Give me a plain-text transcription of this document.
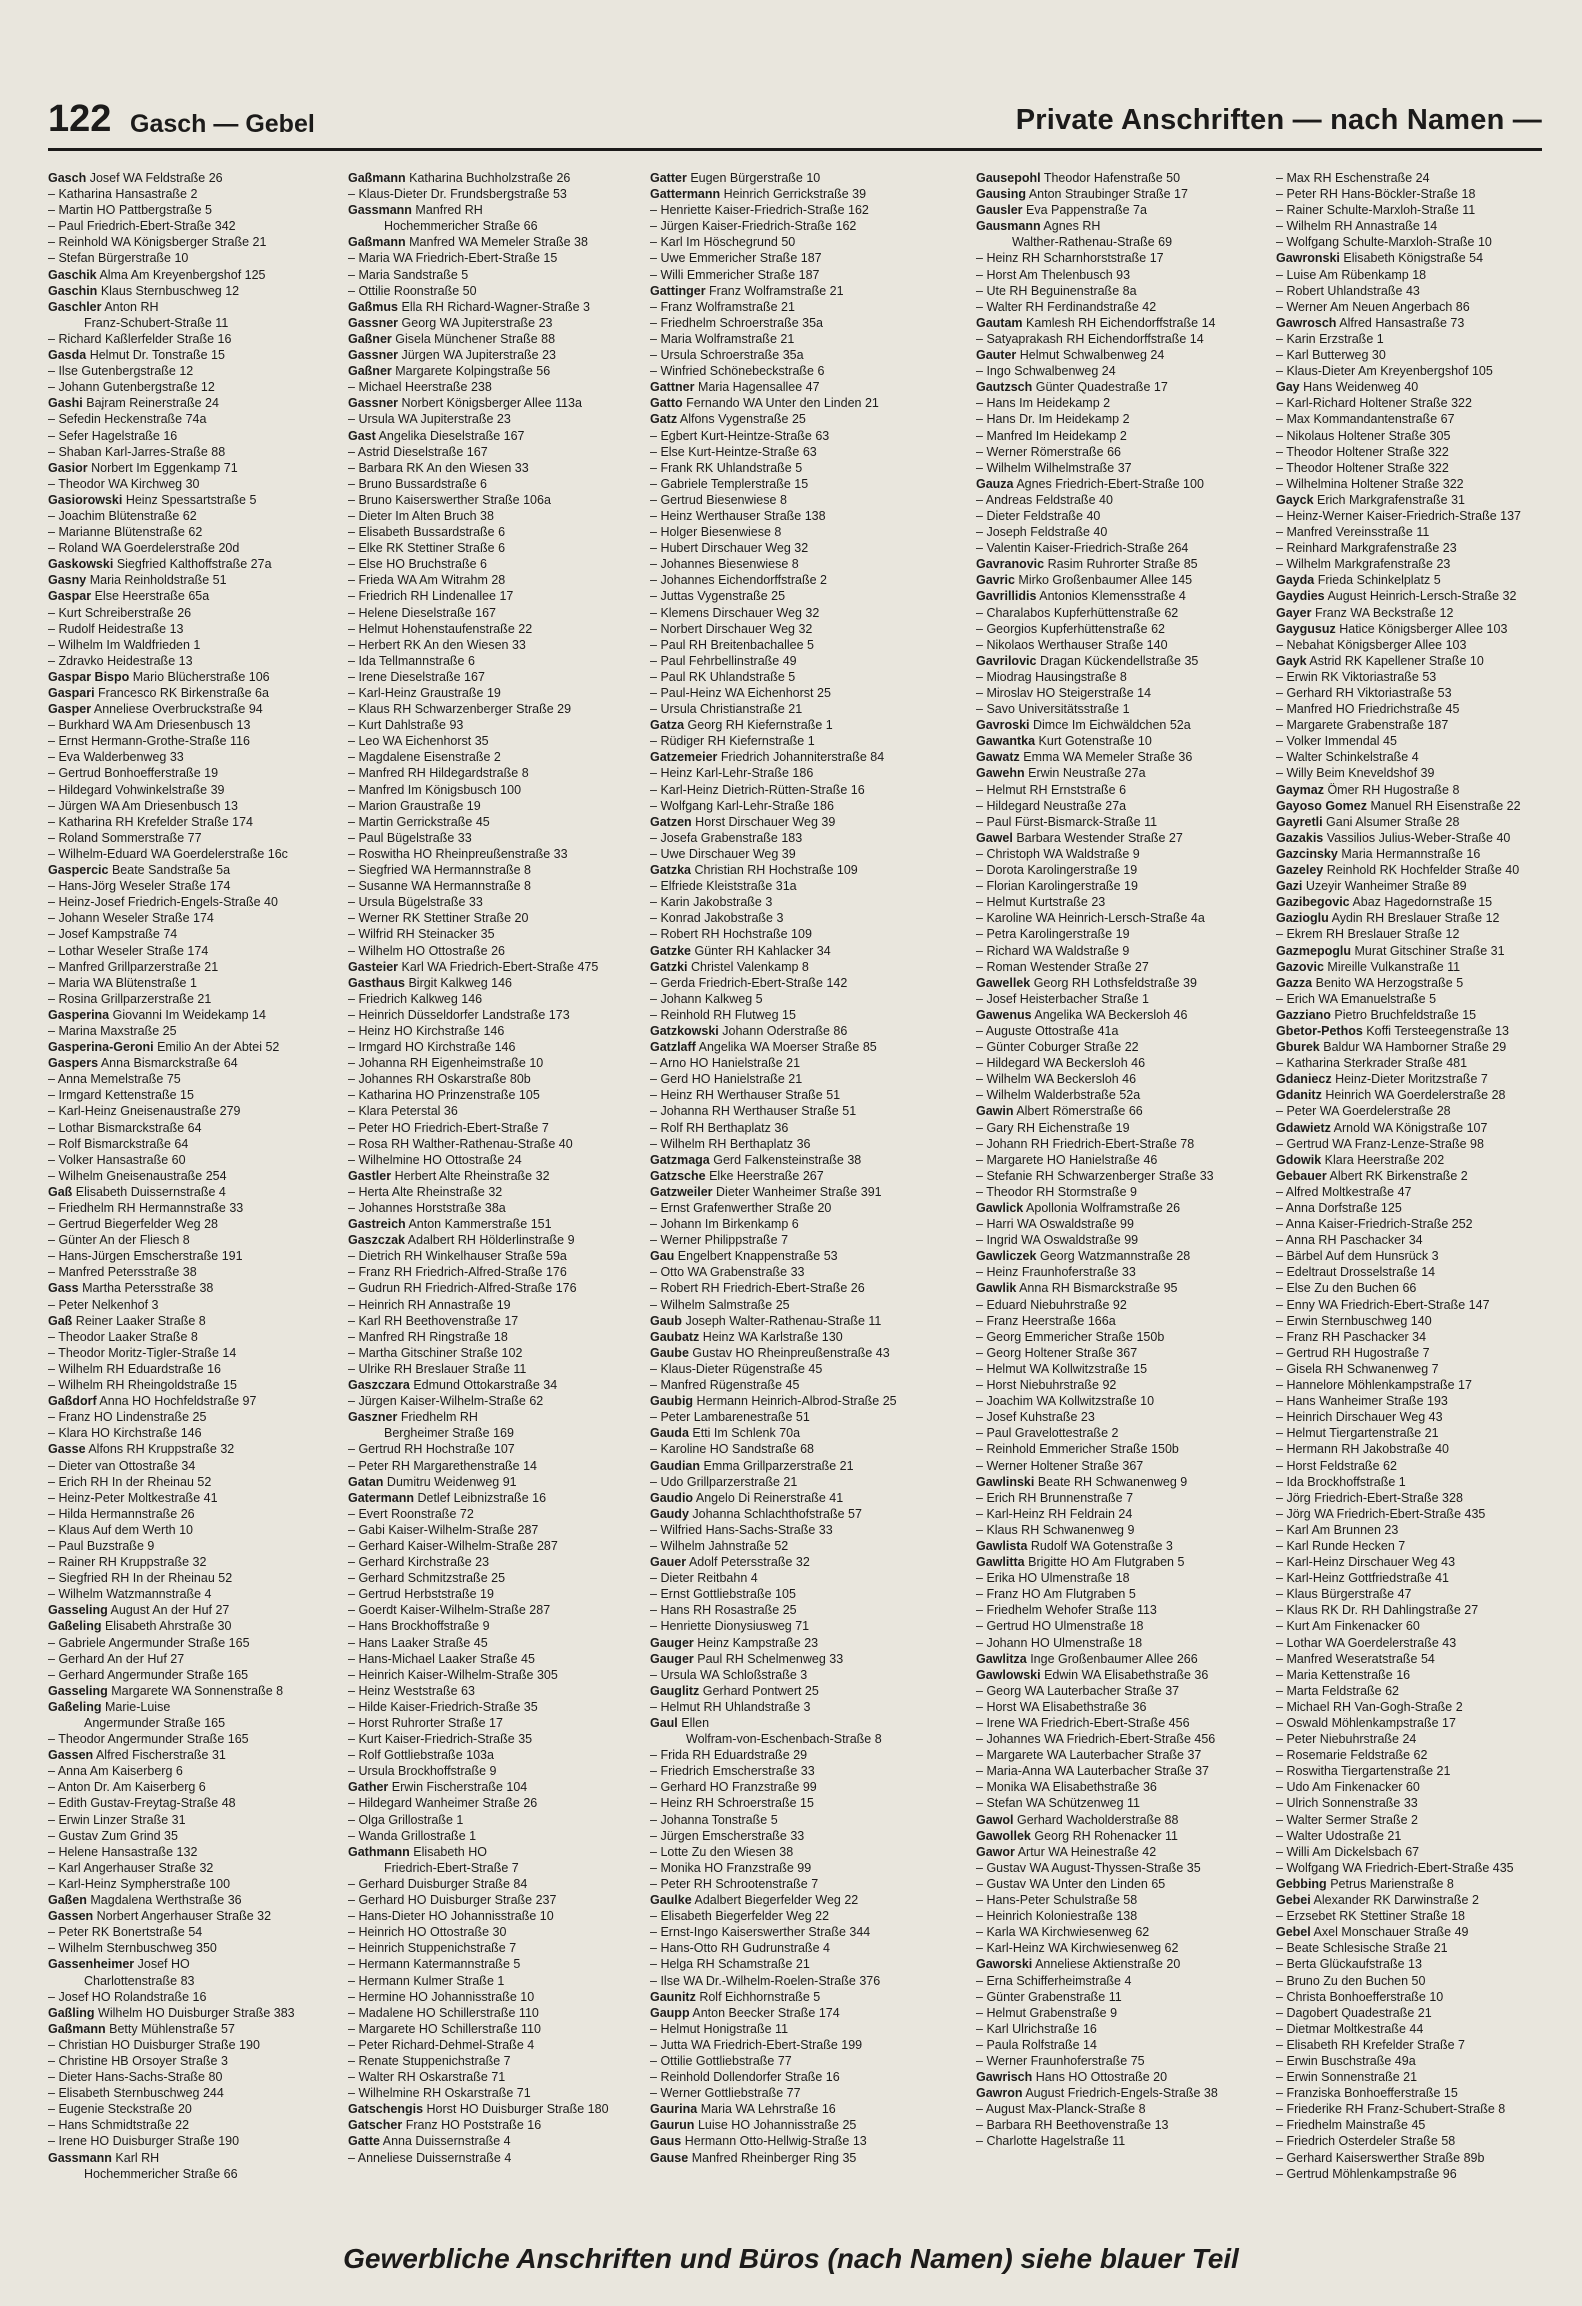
122 Gasch — Gebel	Private Anschriften — nach Namen —
Gasch Josef WA Feldstraße 26
– Katharina Hansastraße 2
– Martin HO Pattbergstraße 5
– Paul Friedrich-Ebert-Straße 342
– Reinhold WA Königsberger Straße 21
– Stefan Bürgerstraße 10
Gaschik Alma Am Kreyenbergshof 125
Gaschin Klaus Sternbuschweg 12
Gaschler Anton RH
Franz-Schubert-Straße 11
– Richard Kaßlerfelder Straße 16
Gasda Helmut Dr. Tonstraße 15
– Ilse Gutenbergstraße 12
– Johann Gutenbergstraße 12
Gashi Bajram Reinerstraße 24
– Sefedin Heckenstraße 74a
– Sefer Hagelstraße 16
– Shaban Karl-Jarres-Straße 88
Gasior Norbert Im Eggenkamp 71
– Theodor WA Kirchweg 30
Gasiorowski Heinz Spessartstraße 5
– Joachim Blütenstraße 62
– Marianne Blütenstraße 62
– Roland WA Goerdelerstraße 20d
Gaskowski Siegfried Kalthoffstraße 27a
Gasny Maria Reinholdstraße 51
Gaspar Else Heerstraße 65a
– Kurt Schreiberstraße 26
– Rudolf Heidestraße 13
– Wilhelm Im Waldfrieden 1
– Zdravko Heidestraße 13
Gaspar Bispo Mario Blücherstraße 106
Gaspari Francesco RK Birkenstraße 6a
Gasper Anneliese Overbruckstraße 94
– Burkhard WA Am Driesenbusch 13
– Ernst Hermann-Grothe-Straße 116
– Eva Walderbenweg 33
– Gertrud Bonhoefferstraße 19
– Hildegard Vohwinkelstraße 39
– Jürgen WA Am Driesenbusch 13
– Katharina RH Krefelder Straße 174
– Roland Sommerstraße 77
– Wilhelm-Eduard WA Goerdelerstraße 16c
Gaspercic Beate Sandstraße 5a
– Hans-Jörg Weseler Straße 174
– Heinz-Josef Friedrich-Engels-Straße 40
– Johann Weseler Straße 174
– Josef Kampstraße 74
– Lothar Weseler Straße 174
– Manfred Grillparzerstraße 21
– Maria WA Blütenstraße 1
– Rosina Grillparzerstraße 21
Gasperina Giovanni Im Weidekamp 14
– Marina Maxstraße 25
Gasperina-Geroni Emilio An der Abtei 52
Gaspers Anna Bismarckstraße 64
– Anna Memelstraße 75
– Irmgard Kettenstraße 15
– Karl-Heinz Gneisenaustraße 279
– Lothar Bismarckstraße 64
– Rolf Bismarckstraße 64
– Volker Hansastraße 60
– Wilhelm Gneisenaustraße 254
Gaß Elisabeth Duissernstraße 4
– Friedhelm RH Hermannstraße 33
– Gertrud Biegerfelder Weg 28
– Günter An der Fliesch 8
– Hans-Jürgen Emscherstraße 191
– Manfred Petersstraße 38
Gass Martha Petersstraße 38
– Peter Nelkenhof 3
Gaß Reiner Laaker Straße 8
– Theodor Laaker Straße 8
– Theodor Moritz-Tigler-Straße 14
– Wilhelm RH Eduardstraße 16
– Wilhelm RH Rheingoldstraße 15
Gaßdorf Anna HO Hochfeldstraße 97
– Franz HO Lindenstraße 25
– Klara HO Kirchstraße 146
Gasse Alfons RH Kruppstraße 32
– Dieter van Ottostraße 34
– Erich RH In der Rheinau 52
– Heinz-Peter Moltkestraße 41
– Hilda Hermannstraße 26
– Klaus Auf dem Werth 10
– Paul Buzstraße 9
– Rainer RH Kruppstraße 32
– Siegfried RH In der Rheinau 52
– Wilhelm Watzmannstraße 4
Gasseling August An der Huf 27
Gaßeling Elisabeth Ahrstraße 30
– Gabriele Angermunder Straße 165
– Gerhard An der Huf 27
– Gerhard Angermunder Straße 165
Gasseling Margarete WA Sonnenstraße 8
Gaßeling Marie-Luise
Angermunder Straße 165
– Theodor Angermunder Straße 165
Gassen Alfred Fischerstraße 31
– Anna Am Kaiserberg 6
– Anton Dr. Am Kaiserberg 6
– Edith Gustav-Freytag-Straße 48
– Erwin Linzer Straße 31
– Gustav Zum Grind 35
– Helene Hansastraße 132
– Karl Angerhauser Straße 32
– Karl-Heinz Sympherstraße 100
Gaßen Magdalena Werthstraße 36
Gassen Norbert Angerhauser Straße 32
– Peter RK Bonertstraße 54
– Wilhelm Sternbuschweg 350
Gassenheimer Josef HO
Charlottenstraße 83
– Josef HO Rolandstraße 16
Gaßling Wilhelm HO Duisburger Straße 383
Gaßmann Betty Mühlenstraße 57
– Christian HO Duisburger Straße 190
– Christine HB Orsoyer Straße 3
– Dieter Hans-Sachs-Straße 80
– Elisabeth Sternbuschweg 244
– Eugenie Steckstraße 20
– Hans Schmidtstraße 22
– Irene HO Duisburger Straße 190
Gassmann Karl RH
Hochemmericher Straße 66
Gaßmann Katharina Buchholzstraße 26
– Klaus-Dieter Dr. Frundsbergstraße 53
Gassmann Manfred RH
Hochemmericher Straße 66
Gaßmann Manfred WA Memeler Straße 38
– Maria WA Friedrich-Ebert-Straße 15
– Maria Sandstraße 5
– Ottilie Roonstraße 50
Gaßmus Ella RH Richard-Wagner-Straße 3
Gassner Georg WA Jupiterstraße 23
Gaßner Gisela Münchener Straße 88
Gassner Jürgen WA Jupiterstraße 23
Gaßner Margarete Kolpingstraße 56
– Michael Heerstraße 238
Gassner Norbert Königsberger Allee 113a
– Ursula WA Jupiterstraße 23
Gast Angelika Dieselstraße 167
– Astrid Dieselstraße 167
– Barbara RK An den Wiesen 33
– Bruno Bussardstraße 6
– Bruno Kaiserswerther Straße 106a
– Dieter Im Alten Bruch 38
– Elisabeth Bussardstraße 6
– Elke RK Stettiner Straße 6
– Else HO Bruchstraße 6
– Frieda WA Am Witrahm 28
– Friedrich RH Lindenallee 17
– Helene Dieselstraße 167
– Helmut Hohenstaufenstraße 22
– Herbert RK An den Wiesen 33
– Ida Tellmannstraße 6
– Irene Dieselstraße 167
– Karl-Heinz Graustraße 19
– Klaus RH Schwarzenberger Straße 29
– Kurt Dahlstraße 93
– Leo WA Eichenhorst 35
– Magdalene Eisenstraße 2
– Manfred RH Hildegardstraße 8
– Manfred Im Königsbusch 100
– Marion Graustraße 19
– Martin Gerrickstraße 45
– Paul Bügelstraße 33
– Roswitha HO Rheinpreußenstraße 33
– Siegfried WA Hermannstraße 8
– Susanne WA Hermannstraße 8
– Ursula Bügelstraße 33
– Werner RK Stettiner Straße 20
– Wilfrid RH Steinacker 35
– Wilhelm HO Ottostraße 26
Gasteier Karl WA Friedrich-Ebert-Straße 475
Gasthaus Birgit Kalkweg 146
– Friedrich Kalkweg 146
– Heinrich Düsseldorfer Landstraße 173
– Heinz HO Kirchstraße 146
– Irmgard HO Kirchstraße 146
– Johanna RH Eigenheimstraße 10
– Johannes RH Oskarstraße 80b
– Katharina HO Prinzenstraße 105
– Klara Peterstal 36
– Peter HO Friedrich-Ebert-Straße 7
– Rosa RH Walther-Rathenau-Straße 40
– Wilhelmine HO Ottostraße 24
Gastler Herbert Alte Rheinstraße 32
– Herta Alte Rheinstraße 32
– Johannes Horststraße 38a
Gastreich Anton Kammerstraße 151
Gaszczak Adalbert RH Hölderlinstraße 9
– Dietrich RH Winkelhauser Straße 59a
– Franz RH Friedrich-Alfred-Straße 176
– Gudrun RH Friedrich-Alfred-Straße 176
– Heinrich RH Annastraße 19
– Karl RH Beethovenstraße 17
– Manfred RH Ringstraße 18
– Martha Gitschiner Straße 102
– Ulrike RH Breslauer Straße 11
Gaszczara Edmund Ottokarstraße 34
– Jürgen Kaiser-Wilhelm-Straße 62
Gaszner Friedhelm RH
Bergheimer Straße 169
– Gertrud RH Hochstraße 107
– Peter RH Margarethenstraße 14
Gatan Dumitru Weidenweg 91
Gatermann Detlef Leibnizstraße 16
– Evert Roonstraße 72
– Gabi Kaiser-Wilhelm-Straße 287
– Gerhard Kaiser-Wilhelm-Straße 287
– Gerhard Kirchstraße 23
– Gerhard Schmitzstraße 25
– Gertrud Herbststraße 19
– Goerdt Kaiser-Wilhelm-Straße 287
– Hans Brockhoffstraße 9
– Hans Laaker Straße 45
– Hans-Michael Laaker Straße 45
– Heinrich Kaiser-Wilhelm-Straße 305
– Heinz Weststraße 63
– Hilde Kaiser-Friedrich-Straße 35
– Horst Ruhrorter Straße 17
– Kurt Kaiser-Friedrich-Straße 35
– Rolf Gottliebstraße 103a
– Ursula Brockhoffstraße 9
Gather Erwin Fischerstraße 104
– Hildegard Wanheimer Straße 26
– Olga Grillostraße 1
– Wanda Grillostraße 1
Gathmann Elisabeth HO
Friedrich-Ebert-Straße 7
– Gerhard Duisburger Straße 84
– Gerhard HO Duisburger Straße 237
– Hans-Dieter HO Johannisstraße 10
– Heinrich HO Ottostraße 30
– Heinrich Stuppenichstraße 7
– Hermann Katermannstraße 5
– Hermann Kulmer Straße 1
– Hermine HO Johannisstraße 10
– Madalene HO Schillerstraße 110
– Margarete HO Schillerstraße 110
– Peter Richard-Dehmel-Straße 4
– Renate Stuppenichstraße 7
– Walter RH Oskarstraße 71
– Wilhelmine RH Oskarstraße 71
Gatschengis Horst HO Duisburger Straße 180
Gatscher Franz HO Poststraße 16
Gatte Anna Duissernstraße 4
– Anneliese Duissernstraße 4
Gatter Eugen Bürgerstraße 10
Gattermann Heinrich Gerrickstraße 39
– Henriette Kaiser-Friedrich-Straße 162
– Jürgen Kaiser-Friedrich-Straße 162
– Karl Im Höschegrund 50
– Uwe Emmericher Straße 187
– Willi Emmericher Straße 187
Gattinger Franz Wolframstraße 21
– Franz Wolframstraße 21
– Friedhelm Schroerstraße 35a
– Maria Wolframstraße 21
– Ursula Schroerstraße 35a
– Winfried Schönebeckstraße 6
Gattner Maria Hagensallee 47
Gatto Fernando WA Unter den Linden 21
Gatz Alfons Vygenstraße 25
– Egbert Kurt-Heintze-Straße 63
– Else Kurt-Heintze-Straße 63
– Frank RK Uhlandstraße 5
– Gabriele Templerstraße 15
– Gertrud Biesenwiese 8
– Heinz Werthauser Straße 138
– Holger Biesenwiese 8
– Hubert Dirschauer Weg 32
– Johannes Biesenwiese 8
– Johannes Eichendorffstraße 2
– Juttas Vygenstraße 25
– Klemens Dirschauer Weg 32
– Norbert Dirschauer Weg 32
– Paul RH Breitenbachallee 5
– Paul Fehrbellinstraße 49
– Paul RK Uhlandstraße 5
– Paul-Heinz WA Eichenhorst 25
– Ursula Christianstraße 21
Gatza Georg RH Kiefernstraße 1
– Rüdiger RH Kiefernstraße 1
Gatzemeier Friedrich Johanniterstraße 84
– Heinz Karl-Lehr-Straße 186
– Karl-Heinz Dietrich-Rütten-Straße 16
– Wolfgang Karl-Lehr-Straße 186
Gatzen Horst Dirschauer Weg 39
– Josefa Grabenstraße 183
– Uwe Dirschauer Weg 39
Gatzka Christian RH Hochstraße 109
– Elfriede Kleiststraße 31a
– Karin Jakobstraße 3
– Konrad Jakobstraße 3
– Robert RH Hochstraße 109
Gatzke Günter RH Kahlacker 34
Gatzki Christel Valenkamp 8
– Gerda Friedrich-Ebert-Straße 142
– Johann Kalkweg 5
– Reinhold RH Flutweg 15
Gatzkowski Johann Oderstraße 86
Gatzlaff Angelika WA Moerser Straße 85
– Arno HO Hanielstraße 21
– Gerd HO Hanielstraße 21
– Heinz RH Werthauser Straße 51
– Johanna RH Werthauser Straße 51
– Rolf RH Berthaplatz 36
– Wilhelm RH Berthaplatz 36
Gatzmaga Gerd Falkensteinstraße 38
Gatzsche Elke Heerstraße 267
Gatzweiler Dieter Wanheimer Straße 391
– Ernst Grafenwerther Straße 20
– Johann Im Birkenkamp 6
– Werner Philippstraße 7
Gau Engelbert Knappenstraße 53
– Otto WA Grabenstraße 33
– Robert RH Friedrich-Ebert-Straße 26
– Wilhelm Salmstraße 25
Gaub Joseph Walter-Rathenau-Straße 11
Gaubatz Heinz WA Karlstraße 130
Gaube Gustav HO Rheinpreußenstraße 43
– Klaus-Dieter Rügenstraße 45
– Manfred Rügenstraße 45
Gaubig Hermann Heinrich-Albrod-Straße 25
– Peter Lambarenestraße 51
Gauda Etti Im Schlenk 70a
– Karoline HO Sandstraße 68
Gaudian Emma Grillparzerstraße 21
– Udo Grillparzerstraße 21
Gaudio Angelo Di Reinerstraße 41
Gaudy Johanna Schlachthofstraße 57
– Wilfried Hans-Sachs-Straße 33
– Wilhelm Jahnstraße 52
Gauer Adolf Petersstraße 32
– Dieter Reitbahn 4
– Ernst Gottliebstraße 105
– Hans RH Rosastraße 25
– Henriette Dionysiusweg 71
Gauger Heinz Kampstraße 23
Gauger Paul RH Schelmenweg 33
– Ursula WA Schloßstraße 3
Gauglitz Gerhard Pontwert 25
– Helmut RH Uhlandstraße 3
Gaul Ellen
Wolfram-von-Eschenbach-Straße 8
– Frida RH Eduardstraße 29
– Friedrich Emscherstraße 33
– Gerhard HO Franzstraße 99
– Heinz RH Schroerstraße 15
– Johanna Tonstraße 5
– Jürgen Emscherstraße 33
– Lotte Zu den Wiesen 38
– Monika HO Franzstraße 99
– Peter RH Schrootenstraße 7
Gaulke Adalbert Biegerfelder Weg 22
– Elisabeth Biegerfelder Weg 22
– Ernst-Ingo Kaiserswerther Straße 344
– Hans-Otto RH Gudrunstraße 4
– Helga RH Schamstraße 21
– Ilse WA Dr.-Wilhelm-Roelen-Straße 376
Gaunitz Rolf Eichhornstraße 5
Gaupp Anton Beecker Straße 174
– Helmut Honigstraße 11
– Jutta WA Friedrich-Ebert-Straße 199
– Ottilie Gottliebstraße 77
– Reinhold Dollendorfer Straße 16
– Werner Gottliebstraße 77
Gaurina Maria WA Lehrstraße 16
Gaurun Luise HO Johannisstraße 25
Gaus Hermann Otto-Hellwig-Straße 13
Gause Manfred Rheinberger Ring 35
Gausepohl Theodor Hafenstraße 50
Gausing Anton Straubinger Straße 17
Gausler Eva Pappenstraße 7a
Gausmann Agnes RH
Walther-Rathenau-Straße 69
– Heinz RH Scharnhorststraße 17
– Horst Am Thelenbusch 93
– Ute RH Beguinenstraße 8a
– Walter RH Ferdinandstraße 42
Gautam Kamlesh RH Eichendorffstraße 14
– Satyaprakash RH Eichendorffstraße 14
Gauter Helmut Schwalbenweg 24
– Ingo Schwalbenweg 24
Gautzsch Günter Quadestraße 17
– Hans Im Heidekamp 2
– Hans Dr. Im Heidekamp 2
– Manfred Im Heidekamp 2
– Werner Römerstraße 66
– Wilhelm Wilhelmstraße 37
Gauza Agnes Friedrich-Ebert-Straße 100
– Andreas Feldstraße 40
– Dieter Feldstraße 40
– Joseph Feldstraße 40
– Valentin Kaiser-Friedrich-Straße 264
Gavranovic Rasim Ruhrorter Straße 85
Gavric Mirko Großenbaumer Allee 145
Gavrillidis Antonios Klemensstraße 4
– Charalabos Kupferhüttenstraße 62
– Georgios Kupferhüttenstraße 62
– Nikolaos Werthauser Straße 140
Gavrilovic Dragan Kückendellstraße 35
– Miodrag Hausingstraße 8
– Miroslav HO Steigerstraße 14
– Savo Universitätsstraße 1
Gavroski Dimce Im Eichwäldchen 52a
Gawantka Kurt Gotenstraße 10
Gawatz Emma WA Memeler Straße 36
Gawehn Erwin Neustraße 27a
– Helmut RH Ernststraße 6
– Hildegard Neustraße 27a
– Paul Fürst-Bismarck-Straße 11
Gawel Barbara Westender Straße 27
– Christoph WA Waldstraße 9
– Dorota Karolingerstraße 19
– Florian Karolingerstraße 19
– Helmut Kurtstraße 23
– Karoline WA Heinrich-Lersch-Straße 4a
– Petra Karolingerstraße 19
– Richard WA Waldstraße 9
– Roman Westender Straße 27
Gawellek Georg RH Lothsfeldstraße 39
– Josef Heisterbacher Straße 1
Gawenus Angelika WA Beckersloh 46
– Auguste Ottostraße 41a
– Günter Coburger Straße 22
– Hildegard WA Beckersloh 46
– Wilhelm WA Beckersloh 46
– Wilhelm Walderbstraße 52a
Gawin Albert Römerstraße 66
– Gary RH Eichenstraße 19
– Johann RH Friedrich-Ebert-Straße 78
– Margarete HO Hanielstraße 46
– Stefanie RH Schwarzenberger Straße 33
– Theodor RH Stormstraße 9
Gawlick Apollonia Wolframstraße 26
– Harri WA Oswaldstraße 99
– Ingrid WA Oswaldstraße 99
Gawliczek Georg Watzmannstraße 28
– Heinz Fraunhoferstraße 33
Gawlik Anna RH Bismarckstraße 95
– Eduard Niebuhrstraße 92
– Franz Heerstraße 166a
– Georg Emmericher Straße 150b
– Georg Holtener Straße 367
– Helmut WA Kollwitzstraße 15
– Horst Niebuhrstraße 92
– Joachim WA Kollwitzstraße 10
– Josef Kuhstraße 23
– Paul Gravelottestraße 2
– Reinhold Emmericher Straße 150b
– Werner Holtener Straße 367
Gawlinski Beate RH Schwanenweg 9
– Erich RH Brunnenstraße 7
– Karl-Heinz RH Feldrain 24
– Klaus RH Schwanenweg 9
Gawlista Rudolf WA Gotenstraße 3
Gawlitta Brigitte HO Am Flutgraben 5
– Erika HO Ulmenstraße 18
– Franz HO Am Flutgraben 5
– Friedhelm Wehofer Straße 113
– Gertrud HO Ulmenstraße 18
– Johann HO Ulmenstraße 18
Gawlitza Inge Großenbaumer Allee 266
Gawlowski Edwin WA Elisabethstraße 36
– Georg WA Lauterbacher Straße 37
– Horst WA Elisabethstraße 36
– Irene WA Friedrich-Ebert-Straße 456
– Johannes WA Friedrich-Ebert-Straße 456
– Margarete WA Lauterbacher Straße 37
– Maria-Anna WA Lauterbacher Straße 37
– Monika WA Elisabethstraße 36
– Stefan WA Schützenweg 11
Gawol Gerhard Wacholderstraße 88
Gawollek Georg RH Rohenacker 11
Gawor Artur WA Heinestraße 42
– Gustav WA August-Thyssen-Straße 35
– Gustav WA Unter den Linden 65
– Hans-Peter Schulstraße 58
– Heinrich Koloniestraße 138
– Karla WA Kirchwiesenweg 62
– Karl-Heinz WA Kirchwiesenweg 62
Gaworski Anneliese Aktienstraße 20
– Erna Schifferheimstraße 4
– Günter Grabenstraße 11
– Helmut Grabenstraße 9
– Karl Ulrichstraße 16
– Paula Rolfstraße 14
– Werner Fraunhoferstraße 75
Gawrisch Hans HO Ottostraße 20
Gawron August Friedrich-Engels-Straße 38
– August Max-Planck-Straße 8
– Barbara RH Beethovenstraße 13
– Charlotte Hagelstraße 11
– Max RH Eschenstraße 24
– Peter RH Hans-Böckler-Straße 18
– Rainer Schulte-Marxloh-Straße 11
– Wilhelm RH Annastraße 14
– Wolfgang Schulte-Marxloh-Straße 10
Gawronski Elisabeth Königstraße 54
– Luise Am Rübenkamp 18
– Robert Uhlandstraße 43
– Werner Am Neuen Angerbach 86
Gawrosch Alfred Hansastraße 73
– Karin Erzstraße 1
– Karl Butterweg 30
– Klaus-Dieter Am Kreyenbergshof 105
Gay Hans Weidenweg 40
– Karl-Richard Holtener Straße 322
– Max Kommandantenstraße 67
– Nikolaus Holtener Straße 305
– Theodor Holtener Straße 322
– Theodor Holtener Straße 322
– Wilhelmina Holtener Straße 322
Gayck Erich Markgrafenstraße 31
– Heinz-Werner Kaiser-Friedrich-Straße 137
– Manfred Vereinsstraße 11
– Reinhard Markgrafenstraße 23
– Wilhelm Markgrafenstraße 23
Gayda Frieda Schinkelplatz 5
Gaydies August Heinrich-Lersch-Straße 32
Gayer Franz WA Beckstraße 12
Gaygusuz Hatice Königsberger Allee 103
– Nebahat Königsberger Allee 103
Gayk Astrid RK Kapellener Straße 10
– Erwin RK Viktoriastraße 53
– Gerhard RH Viktoriastraße 53
– Manfred HO Friedrichstraße 45
– Margarete Grabenstraße 187
– Volker Immendal 45
– Walter Schinkelstraße 4
– Willy Beim Kneveldshof 39
Gaymaz Ömer RH Hugostraße 8
Gayoso Gomez Manuel RH Eisenstraße 22
Gayretli Gani Alsumer Straße 28
Gazakis Vassilios Julius-Weber-Straße 40
Gazcinsky Maria Hermannstraße 16
Gazeley Reinhold RK Hochfelder Straße 40
Gazi Uzeyir Wanheimer Straße 89
Gazibegovic Abaz Hagedornstraße 15
Gazioglu Aydin RH Breslauer Straße 12
– Ekrem RH Breslauer Straße 12
Gazmepoglu Murat Gitschiner Straße 31
Gazovic Mireille Vulkanstraße 11
Gazza Benito WA Herzogstraße 5
– Erich WA Emanuelstraße 5
Gazziano Pietro Bruchfeldstraße 15
Gbetor-Pethos Koffi Tersteegenstraße 13
Gburek Baldur WA Hamborner Straße 29
– Katharina Sterkrader Straße 481
Gdaniecz Heinz-Dieter Moritzstraße 7
Gdanitz Heinrich WA Goerdelerstraße 28
– Peter WA Goerdelerstraße 28
Gdawietz Arnold WA Königstraße 107
– Gertrud WA Franz-Lenze-Straße 98
Gdowik Klara Heerstraße 202
Gebauer Albert RK Birkenstraße 2
– Alfred Moltkestraße 47
– Anna Dorfstraße 125
– Anna Kaiser-Friedrich-Straße 252
– Anna RH Paschacker 34
– Bärbel Auf dem Hunsrück 3
– Edeltraut Drosselstraße 14
– Else Zu den Buchen 66
– Enny WA Friedrich-Ebert-Straße 147
– Erwin Sternbuschweg 140
– Franz RH Paschacker 34
– Gertrud RH Hugostraße 7
– Gisela RH Schwanenweg 7
– Hannelore Möhlenkampstraße 17
– Hans Wanheimer Straße 193
– Heinrich Dirschauer Weg 43
– Helmut Tiergartenstraße 21
– Hermann RH Jakobstraße 40
– Horst Feldstraße 62
– Ida Brockhoffstraße 1
– Jörg Friedrich-Ebert-Straße 328
– Jörg WA Friedrich-Ebert-Straße 435
– Karl Am Brunnen 23
– Karl Runde Hecken 7
– Karl-Heinz Dirschauer Weg 43
– Karl-Heinz Gottfriedstraße 41
– Klaus Bürgerstraße 47
– Klaus RK Dr. RH Dahlingstraße 27
– Kurt Am Finkenacker 60
– Lothar WA Goerdelerstraße 43
– Manfred Weseratstraße 54
– Maria Kettenstraße 16
– Marta Feldstraße 62
– Michael RH Van-Gogh-Straße 2
– Oswald Möhlenkampstraße 17
– Peter Niebuhrstraße 24
– Rosemarie Feldstraße 62
– Roswitha Tiergartenstraße 21
– Udo Am Finkenacker 60
– Ulrich Sonnenstraße 33
– Walter Sermer Straße 2
– Walter Udostraße 21
– Willi Am Dickelsbach 67
– Wolfgang WA Friedrich-Ebert-Straße 435
Gebbing Petrus Marienstraße 8
Gebei Alexander RK Darwinstraße 2
– Erzsebet RK Stettiner Straße 18
Gebel Axel Monschauer Straße 49
– Beate Schlesische Straße 21
– Berta Glückaufstraße 13
– Bruno Zu den Buchen 50
– Christa Bonhoefferstraße 10
– Dagobert Quadestraße 21
– Dietmar Moltkestraße 44
– Elisabeth RH Krefelder Straße 7
– Erwin Buschstraße 49a
– Erwin Sonnenstraße 21
– Franziska Bonhoefferstraße 15
– Friederike RH Franz-Schubert-Straße 8
– Friedhelm Mainstraße 45
– Friedrich Osterdeler Straße 58
– Gerhard Kaiserswerther Straße 89b
– Gertrud Möhlenkampstraße 96
Gewerbliche Anschriften und Büros (nach Namen) siehe blauer Teil
